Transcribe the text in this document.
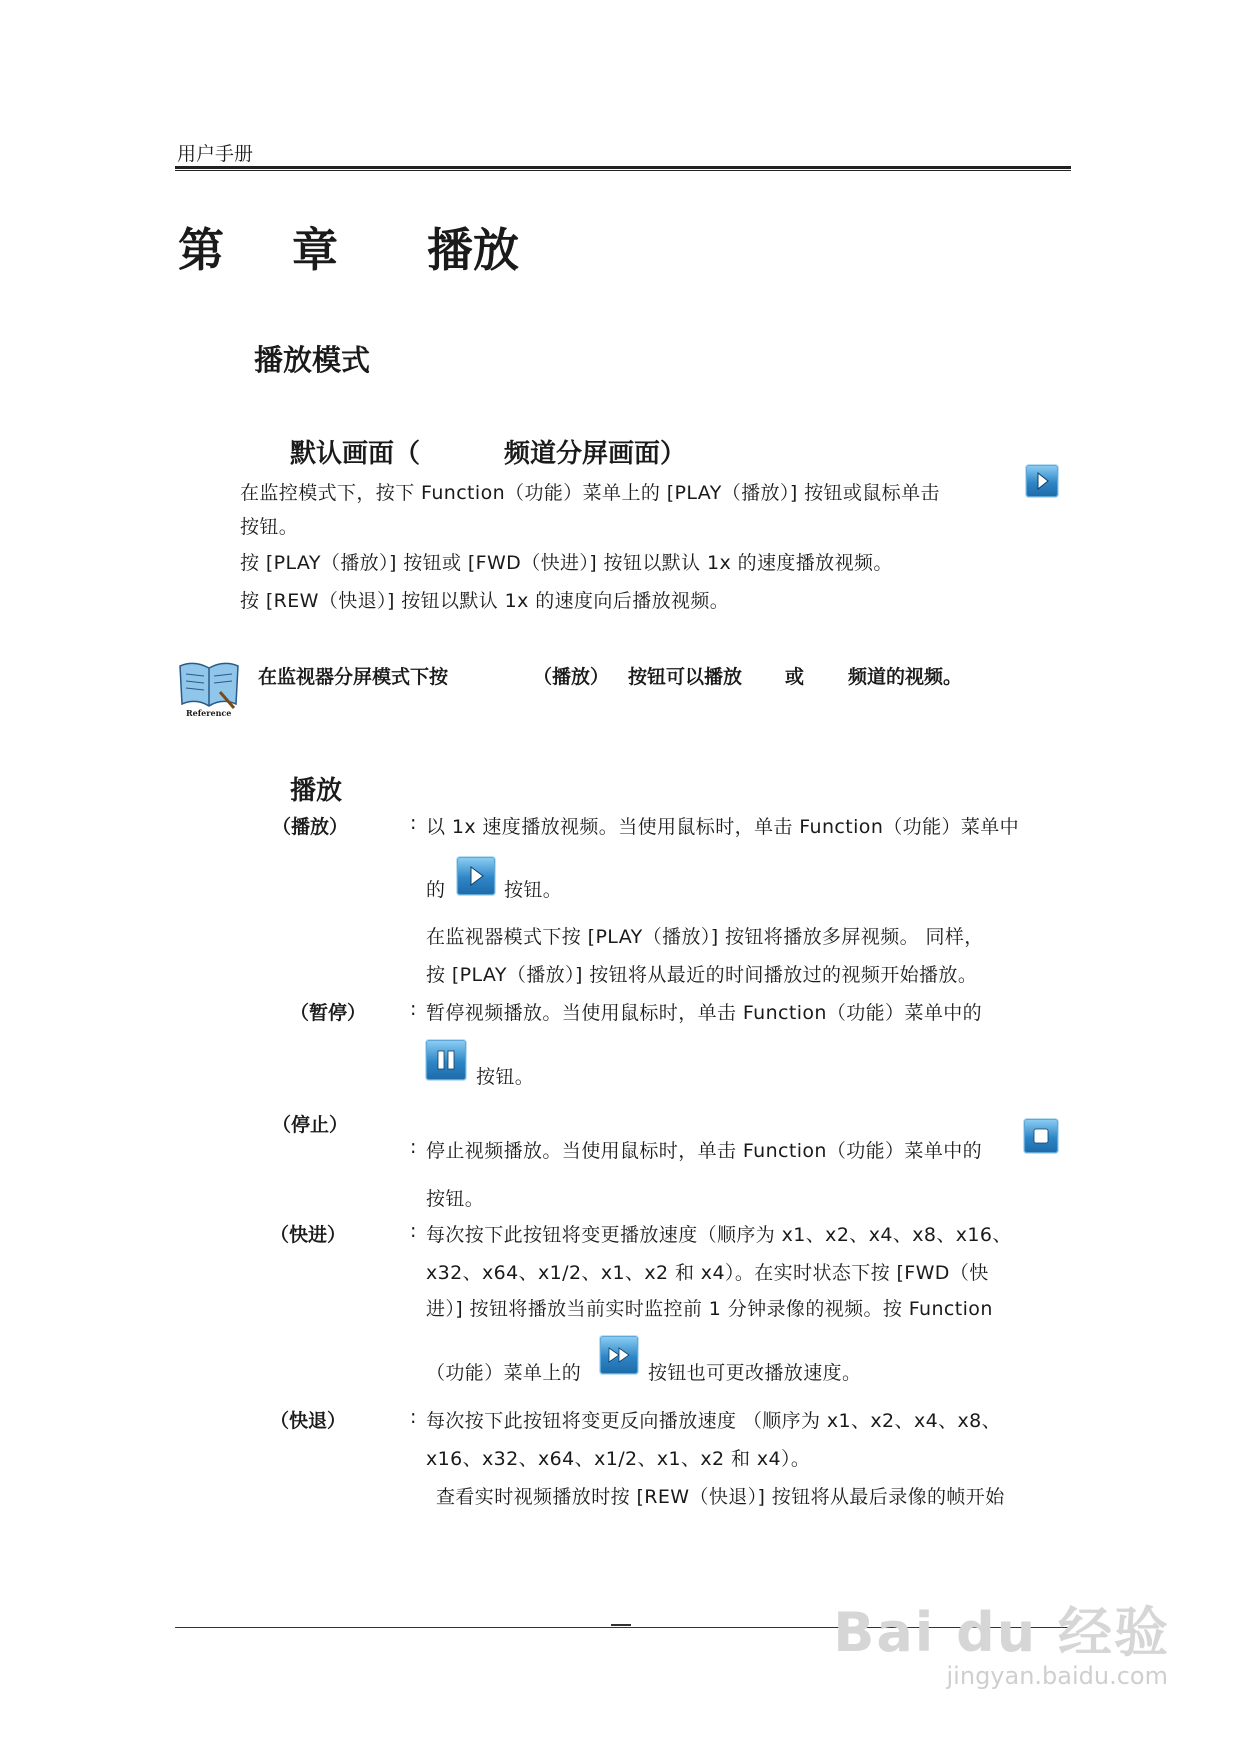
用户手册
第 章 播放
播放模式
默认画面（	频道分屏画面）
在监控模式下，按下 Function（功能）菜单上的 [PLAY（播放）] 按钮或鼠标单击
按钮。
按 [PLAY（播放）] 按钮或 [FWD（快进）] 按钮以默认 1x 的速度播放视频。
按 [REW（快退）] 按钮以默认 1x 的速度向后播放视频。
Reference
在监视器分屏模式下按	（播放） 按钮可以播放 或 频道的视频。
播放
（播放）	: 以 1x 速度播放视频。当使用鼠标时，单击 Function（功能）菜单中
的	按钮。
在监视器模式下按 [PLAY（播放）] 按钮将播放多屏视频。 同样，
按 [PLAY（播放）] 按钮将从最近的时间播放过的视频开始播放。
（暂停） : 暂停视频播放。当使用鼠标时，单击 Function（功能）菜单中的
按钮。
（停止）
: 停止视频播放。当使用鼠标时，单击 Function（功能）菜单中的
按钮。
（快进）	: 每次按下此按钮将变更播放速度（顺序为 x1、x2、x4、x8、x16、
x32、x64、x1/2、x1、x2 和 x4）。在实时状态下按 [FWD（快
进）] 按钮将播放当前实时监控前 1 分钟录像的视频。按 Function
（功能）菜单上的	按钮也可更改播放速度。
（快退）	: 每次按下此按钮将变更反向播放速度 （顺序为 x1、x2、x4、x8、
x16、x32、x64、x1/2、x1、x2 和 x4）。
查看实时视频播放时按 [REW（快退）] 按钮将从最后录像的帧开始
Bai du 经验
jingyan.baidu.com
